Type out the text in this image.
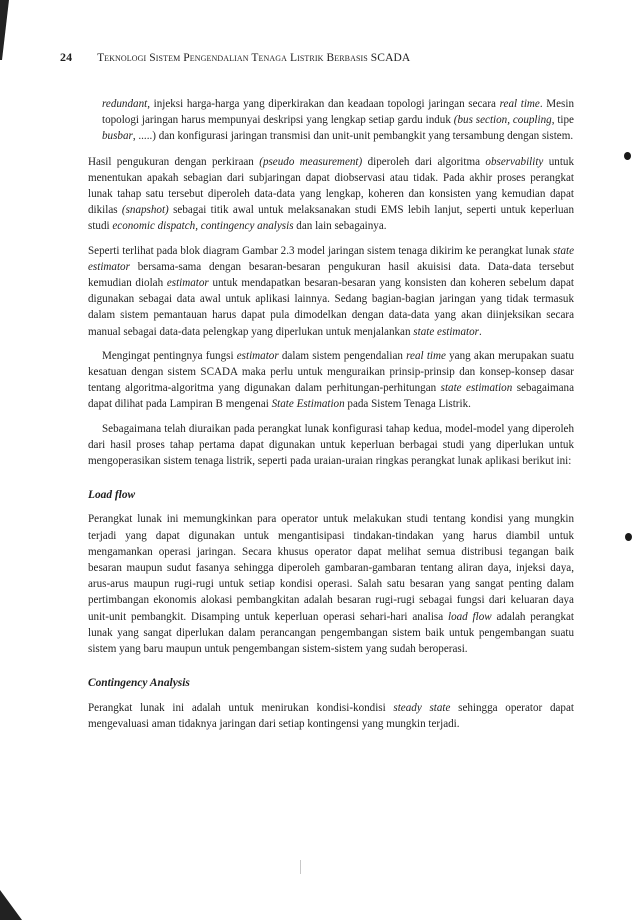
24 Teknologi Sistem Pengendalian Tenaga Listrik Berbasis SCADA

redundant, injeksi harga-harga yang diperkirakan dan keadaan topologi jaringan secara real time. Mesin topologi jaringan harus mempunyai deskripsi yang lengkap setiap gardu induk (bus section, coupling, tipe busbar, .....) dan konfigurasi jaringan transmisi dan unit-unit pembangkit yang tersambung dengan sistem.

Hasil pengukuran dengan perkiraan (pseudo measurement) diperoleh dari algoritma observability untuk menentukan apakah sebagian dari subjaringan dapat diobservasi atau tidak. Pada akhir proses perangkat lunak tahap satu tersebut diperoleh data-data yang lengkap, koheren dan konsisten yang kemudian dapat dikilas (snapshot) sebagai titik awal untuk melaksanakan studi EMS lebih lanjut, seperti untuk keperluan studi economic dispatch, contingency analysis dan lain sebagainya.

Seperti terlihat pada blok diagram Gambar 2.3 model jaringan sistem tenaga dikirim ke perangkat lunak state estimator bersama-sama dengan besaran-besaran pengukuran hasil akuisisi data. Data-data tersebut kemudian diolah estimator untuk mendapatkan besaran-besaran yang konsisten dan koheren sebelum dapat digunakan sebagai data awal untuk aplikasi lainnya. Sedang bagian-bagian jaringan yang tidak termasuk dalam sistem pemantauan harus dapat pula dimodelkan dengan data-data yang akan diinjeksikan secara manual sebagai data-data pelengkap yang diperlukan untuk menjalankan state estimator.

Mengingat pentingnya fungsi estimator dalam sistem pengendalian real time yang akan merupakan suatu kesatuan dengan sistem SCADA maka perlu untuk menguraikan prinsip-prinsip dan konsep-konsep dasar tentang algoritma-algoritma yang digunakan dalam perhitungan-perhitungan state estimation sebagaimana dapat dilihat pada Lampiran B mengenai State Estimation pada Sistem Tenaga Listrik.

Sebagaimana telah diuraikan pada perangkat lunak konfigurasi tahap kedua, model-model yang diperoleh dari hasil proses tahap pertama dapat digunakan untuk keperluan berbagai studi yang diperlukan untuk mengoperasikan sistem tenaga listrik, seperti pada uraian-uraian ringkas perangkat lunak aplikasi berikut ini:

Load flow

Perangkat lunak ini memungkinkan para operator untuk melakukan studi tentang kondisi yang mungkin terjadi yang dapat digunakan untuk mengantisipasi tindakan-tindakan yang harus diambil untuk mengamankan operasi jaringan. Secara khusus operator dapat melihat semua distribusi tegangan baik besaran maupun sudut fasanya sehingga diperoleh gambaran-gambaran tentang aliran daya, injeksi daya, arus-arus maupun rugi-rugi untuk setiap kondisi operasi. Salah satu besaran yang sangat penting dalam pertimbangan ekonomis alokasi pembangkitan adalah besaran rugi-rugi sebagai fungsi dari keluaran daya unit-unit pembangkit. Disamping untuk keperluan operasi sehari-hari analisa load flow adalah perangkat lunak yang sangat diperlukan dalam perancangan pengembangan sistem baik untuk pengembangan suatu sistem yang baru maupun untuk pengembangan sistem-sistem yang sudah beroperasi.

Contingency Analysis

Perangkat lunak ini adalah untuk menirukan kondisi-kondisi steady state sehingga operator dapat mengevaluasi aman tidaknya jaringan dari setiap kontingensi yang mungkin terjadi.
